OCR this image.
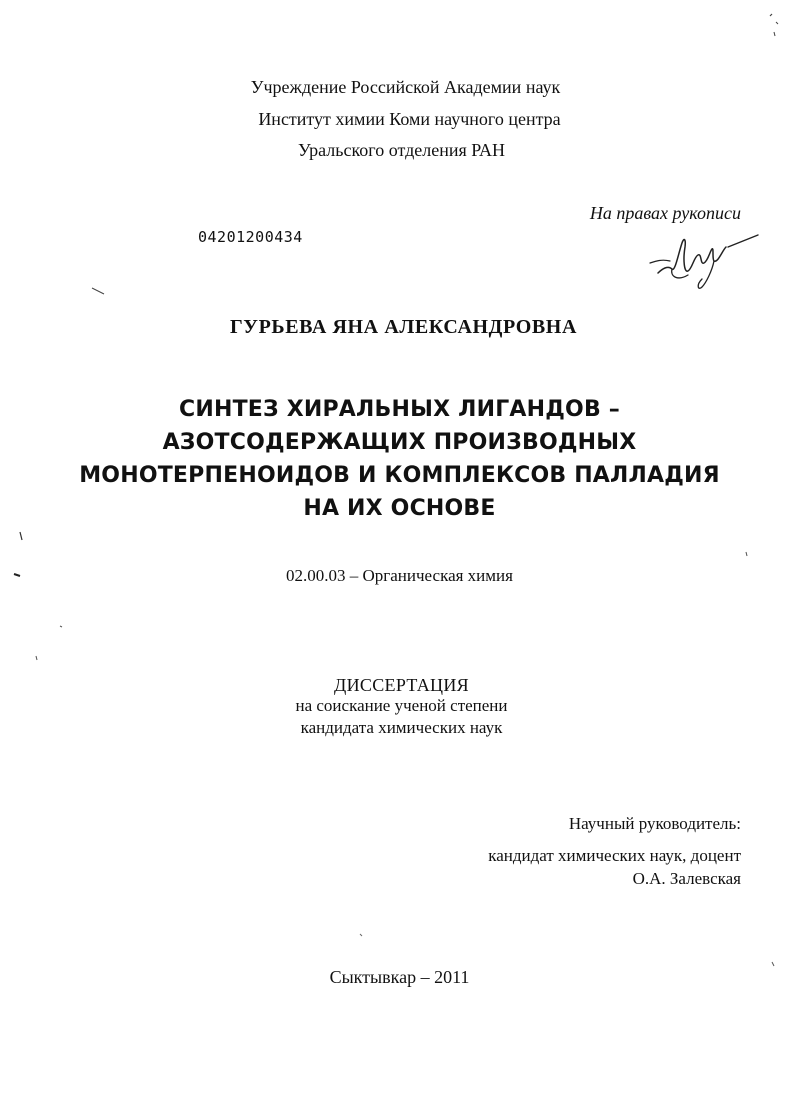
Учреждение Российской Академии наук
Институт химии Коми научного центра
Уральского отделения РАН
На правах рукописи
04201200434
ГУРЬЕВА ЯНА АЛЕКСАНДРОВНА
СИНТЕЗ ХИРАЛЬНЫХ ЛИГАНДОВ –
АЗОТСОДЕРЖАЩИХ ПРОИЗВОДНЫХ
МОНОТЕРПЕНОИДОВ И КОМПЛЕКСОВ ПАЛЛАДИЯ
НА ИХ ОСНОВЕ
02.00.03 – Органическая химия
ДИССЕРТАЦИЯ
на соискание ученой степени
кандидата химических наук
Научный руководитель:
кандидат химических наук, доцент
О.А. Залевская
Сыктывкар – 2011
